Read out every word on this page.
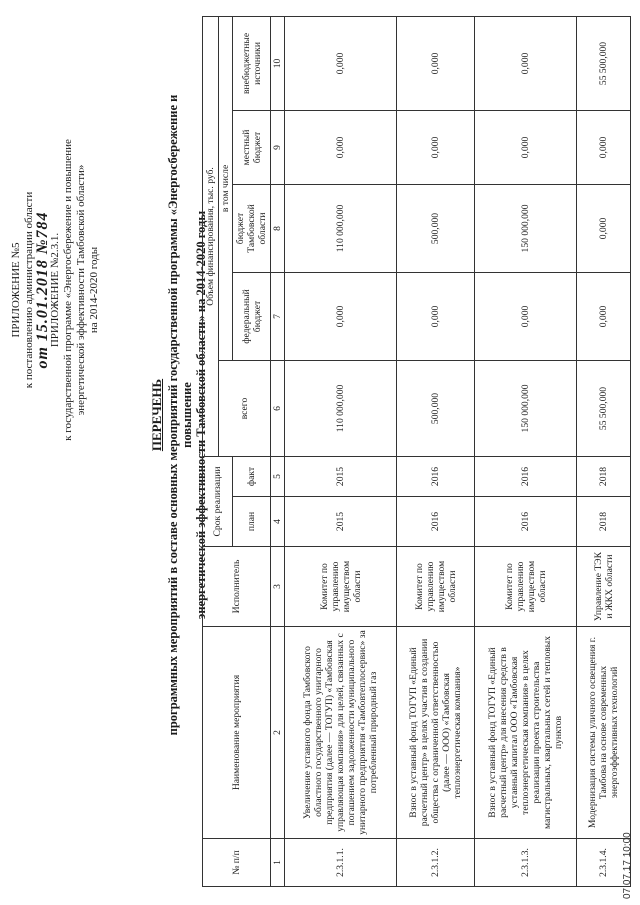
ПРИЛОЖЕНИЕ №5 к постановлению администрации области от 15.01.2018 №784
ПРИЛОЖЕНИЕ №2.3.1. к государственной программе «Энергосбережение и повышение энергетической эффективности Тамбовской области» на 2014-2020 годы
ПЕРЕЧЕНЬ программных мероприятий в составе основных мероприятий государственной программы «Энергосбережение и повышение энергетической эффективности Тамбовской области» на 2014-2020 годы
№ п/п	Наименование мероприятия	Исполнитель	Срок реализации		Объем финансирования, тыс. руб.				
					всего	в том числе			
			план	факт		федеральный бюджет	бюджет Тамбовской области	местный бюджет	внебюджетные источники
1	2	3	4	5	6	7	8	9	10
2.3.1.1.	Увеличение уставного фонда Тамбовского областного государственного унитарного предприятия (далее — ТОГУП) «Тамбовская управляющая компания» для целей, связанных с погашением задолженности муниципального унитарного предприятия «Тамбовтеплосервис» за потребленный природный газ	Комитет по управлению имуществом области	2015	2015	110 000,000	0,000	110 000,000	0,000	0,000
2.3.1.2.	Взнос в уставный фонд ТОГУП «Единый расчетный центр» в целях участия в создании общества с ограниченной ответственностью (далее — ООО) «Тамбовская теплоэнергетическая компания»	Комитет по управлению имуществом области	2016	2016	500,000	0,000	500,000	0,000	0,000
2.3.1.3.	Взнос в уставный фонд ТОГУП «Единый расчетный центр» для внесения средств в уставный капитал ООО «Тамбовская теплоэнергетическая компания» в целях реализации проекта строительства магистральных, квартальных сетей и тепловых пунктов	Комитет по управлению имуществом области	2016	2016	150 000,000	0,000	150 000,000	0,000	0,000
2.3.1.4.	Модернизация системы уличного освещения г. Тамбова на основе современных энергоэффективных технологий	Управление ТЭК и ЖКХ области	2018	2018	55 500,000	0,000	0,000	0,000	55 500,000
07.07.17 10:00
